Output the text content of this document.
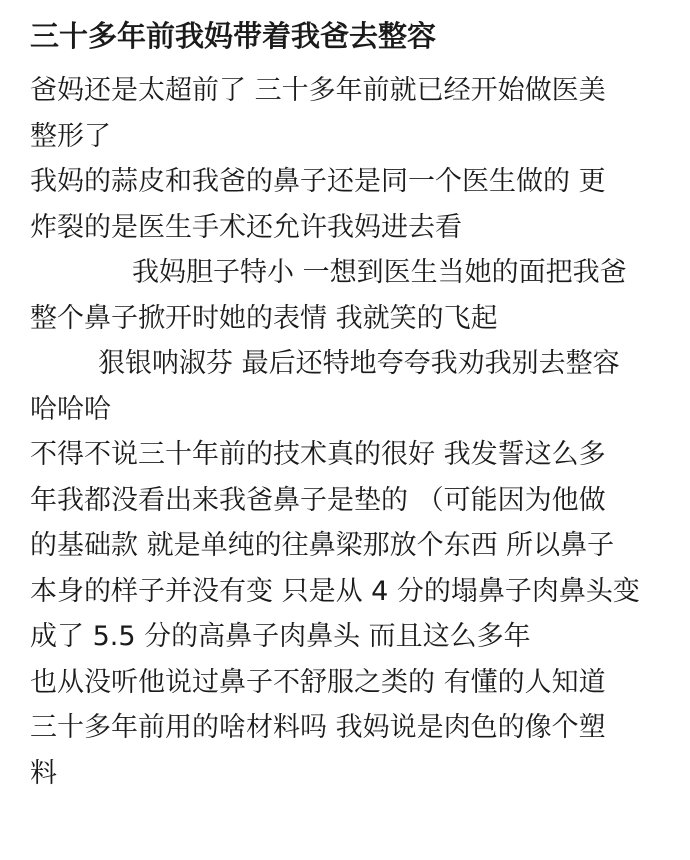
三十多年前我妈带着我爸去整容
爸妈还是太超前了 三十多年前就已经开始做医美
整形了
我妈的蒜皮和我爸的鼻子还是同一个医生做的 更
炸裂的是医生手术还允许我妈进去看
我妈胆子特小 一想到医生当她的面把我爸
整个鼻子掀开时她的表情 我就笑的飞起
狠银呐淑芬 最后还特地夸夸我劝我别去整容
哈哈哈
不得不说三十年前的技术真的很好 我发誓这么多
年我都没看出来我爸鼻子是垫的 （可能因为他做
的基础款 就是单纯的往鼻梁那放个东西 所以鼻子
本身的样子并没有变 只是从 4 分的塌鼻子肉鼻头变
成了 5.5 分的高鼻子肉鼻头 而且这么多年
也从没听他说过鼻子不舒服之类的 有懂的人知道
三十多年前用的啥材料吗 我妈说是肉色的像个塑
料
